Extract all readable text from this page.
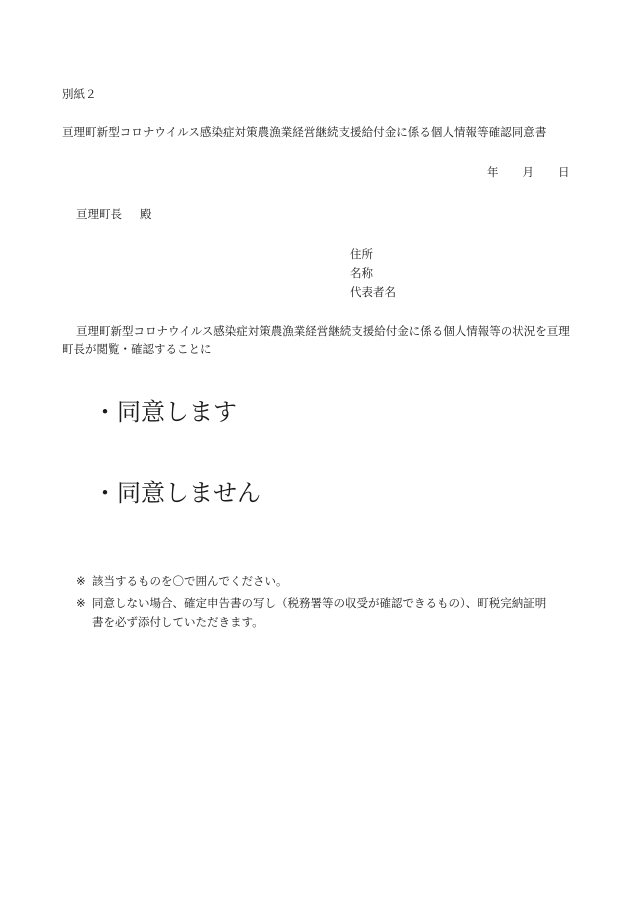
別紙２
亘理町新型コロナウイルス感染症対策農漁業経営継続支援給付金に係る個人情報等確認同意書
年 月 日
亘理町長 殿
住所
名称
代表者名
亘理町新型コロナウイルス感染症対策農漁業経営継続支援給付金に係る個人情報等の状況を亘理町長が閲覧・確認することに
・同意します
・同意しません
※ 該当するものを〇で囲んでください。
※ 同意しない場合、確定申告書の写し（税務署等の収受が確認できるもの）、町税完納証明
書を必ず添付していただきます。
